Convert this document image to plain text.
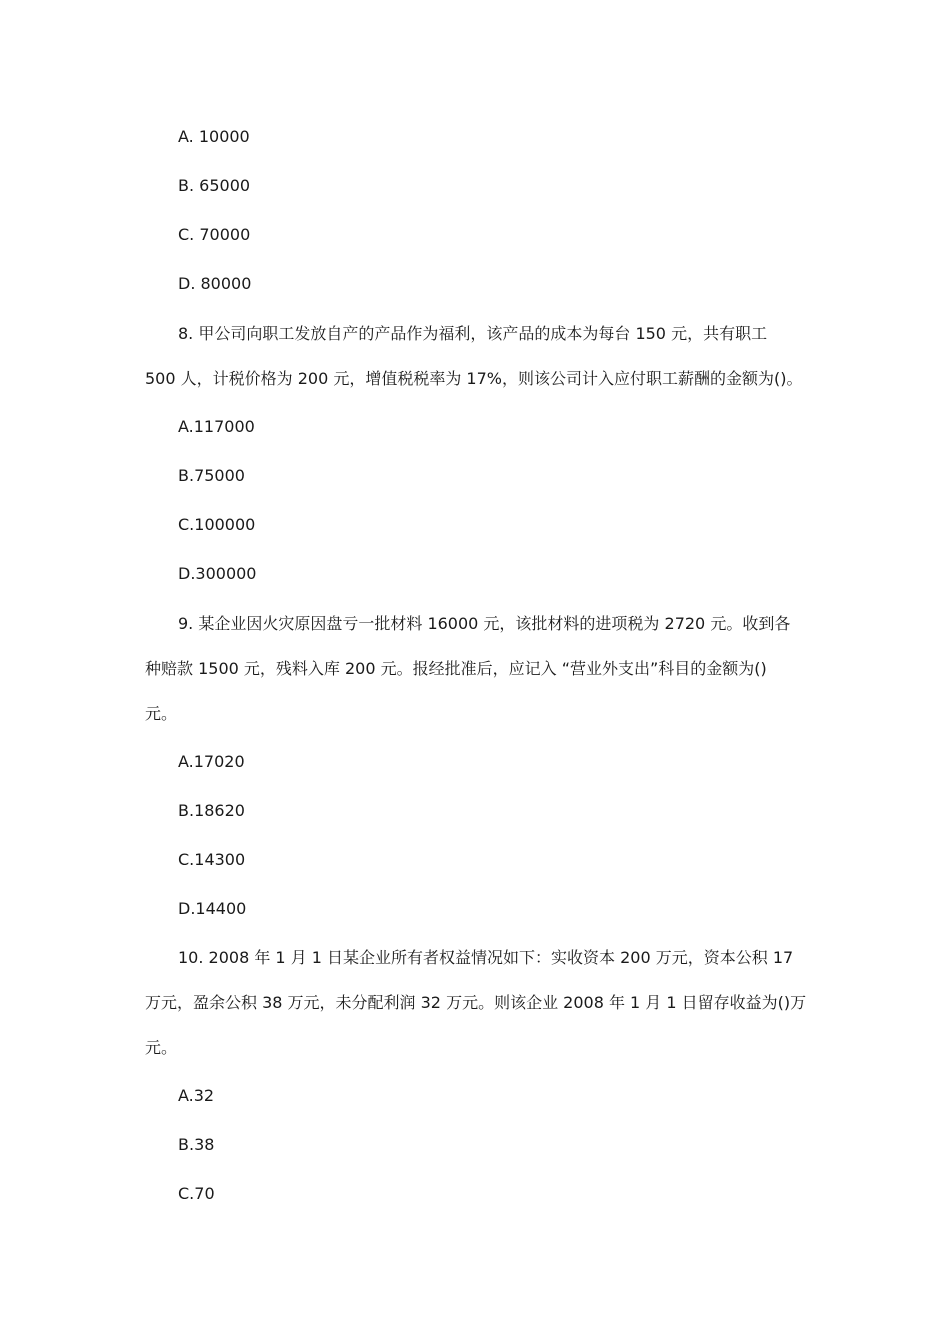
A. 10000
B. 65000
C. 70000
D. 80000
8. 甲公司向职工发放自产的产品作为福利，该产品的成本为每台 150 元，共有职工
500 人，计税价格为 200 元，增值税税率为 17%，则该公司计入应付职工薪酬的金额为()。
A.117000
B.75000
C.100000
D.300000
9. 某企业因火灾原因盘亏一批材料 16000 元，该批材料的进项税为 2720 元。收到各
种赔款 1500 元，残料入库 200 元。报经批准后，应记入 “营业外支出”科目的金额为()
元。
A.17020
B.18620
C.14300
D.14400
10. 2008 年 1 月 1 日某企业所有者权益情况如下：实收资本 200 万元，资本公积 17
万元，盈余公积 38 万元，未分配利润 32 万元。则该企业 2008 年 1 月 1 日留存收益为()万
元。
A.32
B.38
C.70
